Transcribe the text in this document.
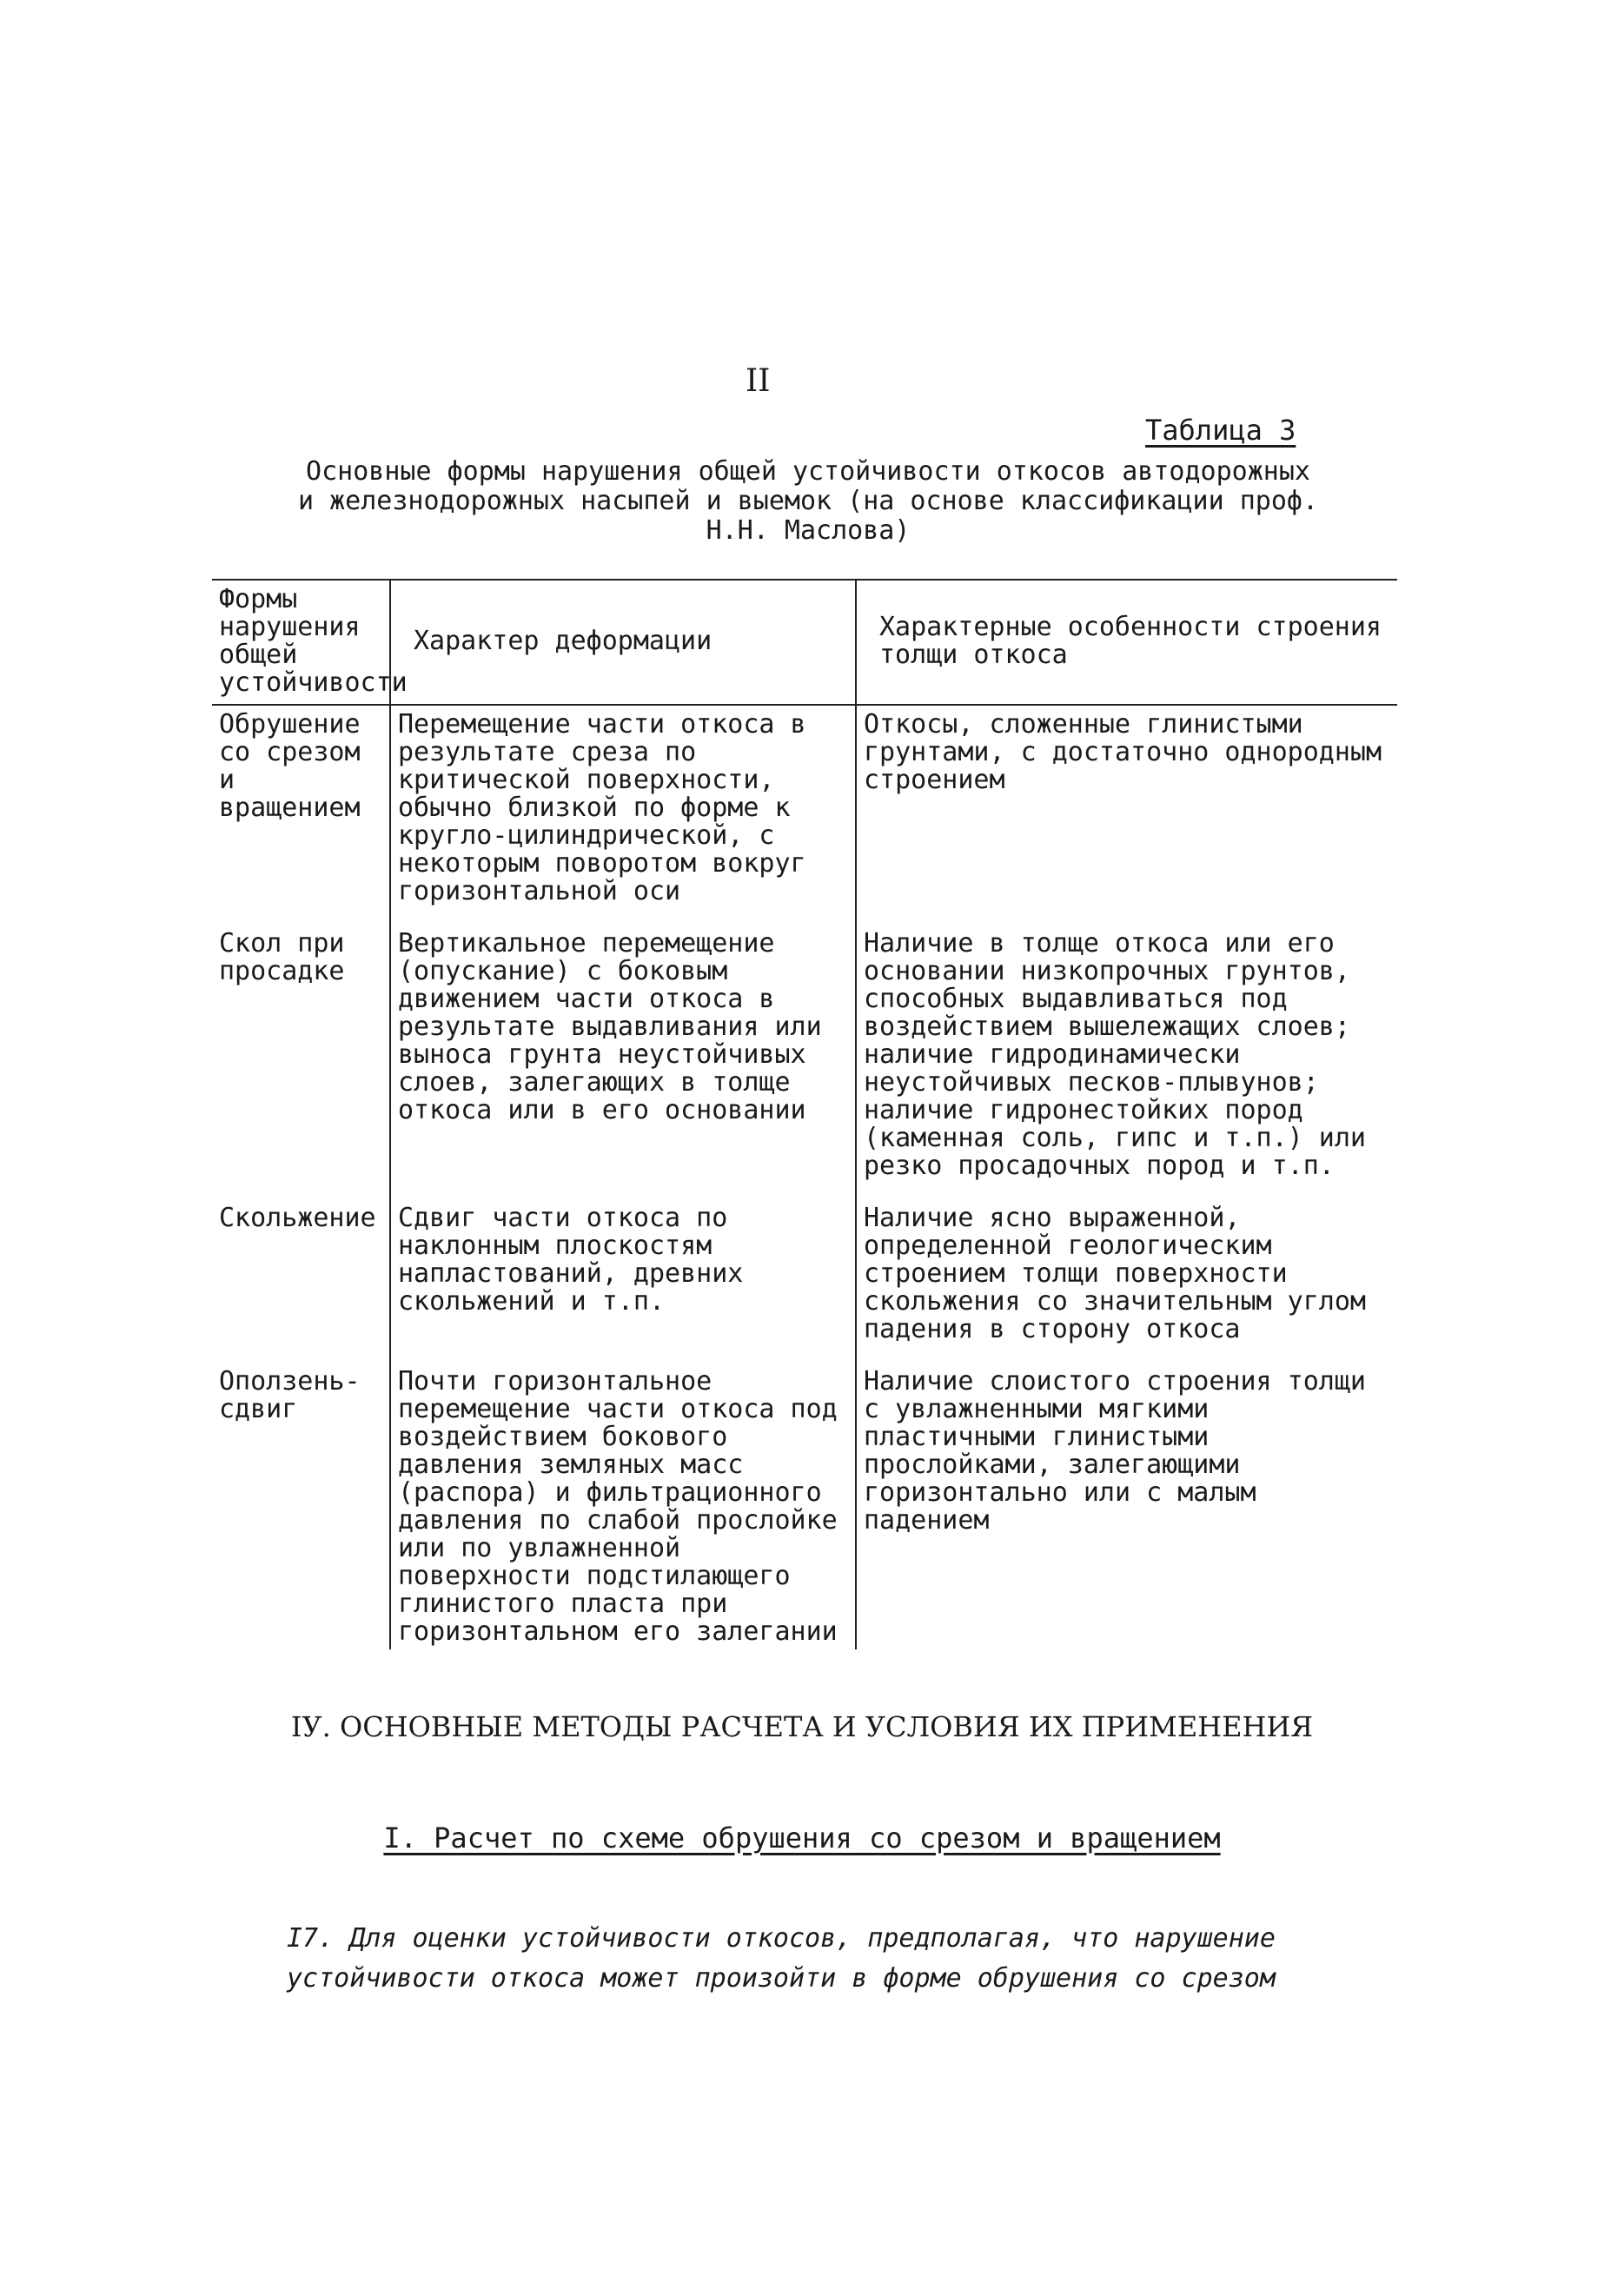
II
Таблица 3
Основные формы нарушения общей устойчивости откосов автодорожных и железнодорожных насыпей и выемок (на основе классификации проф. Н.Н. Маслова)
Формы нарушения общей устойчивости	Характер деформации	Характерные особенности строения толщи откоса
Обрушение со срезом и вращением	Перемещение части откоса в результате среза по критической поверхности, обычно близкой по форме к кругло-цилиндрической, с некоторым поворотом вокруг горизонтальной оси	Откосы, сложенные глинистыми грунтами, с достаточно однородным строением
Скол при просадке	Вертикальное перемещение (опускание) с боковым движением части откоса в результате выдавливания или выноса грунта неустойчивых слоев, залегающих в толще откоса или в его основании	Наличие в толще откоса или его основании низкопрочных грунтов, способных выдавливаться под воздействием вышележащих слоев; наличие гидродинамически неустойчивых песков-плывунов; наличие гидронестойких пород (каменная соль, гипс и т.п.) или резко просадочных пород и т.п.
Скольжение	Сдвиг части откоса по наклонным плоскостям напластований, древних скольжений и т.п.	Наличие ясно выраженной, определенной геологическим строением толщи поверхности скольжения со значительным углом падения в сторону откоса
Оползень-сдвиг	Почти горизонтальное перемещение части откоса под воздействием бокового давления земляных масс (распора) и фильтрационного давления по слабой прослойке или по увлажненной поверхности подстилающего глинистого пласта при горизонтальном его залегании	Наличие слоистого строения толщи с увлажненными мягкими пластичными глинистыми прослойками, залегающими горизонтально или с малым падением
IУ. ОСНОВНЫЕ МЕТОДЫ РАСЧЕТА И УСЛОВИЯ ИХ ПРИМЕНЕНИЯ
I. Расчет по схеме обрушения со срезом и вращением
I7. Для оценки устойчивости откосов, предполагая, что нарушение устойчивости откоса может произойти в форме обрушения со срезом
